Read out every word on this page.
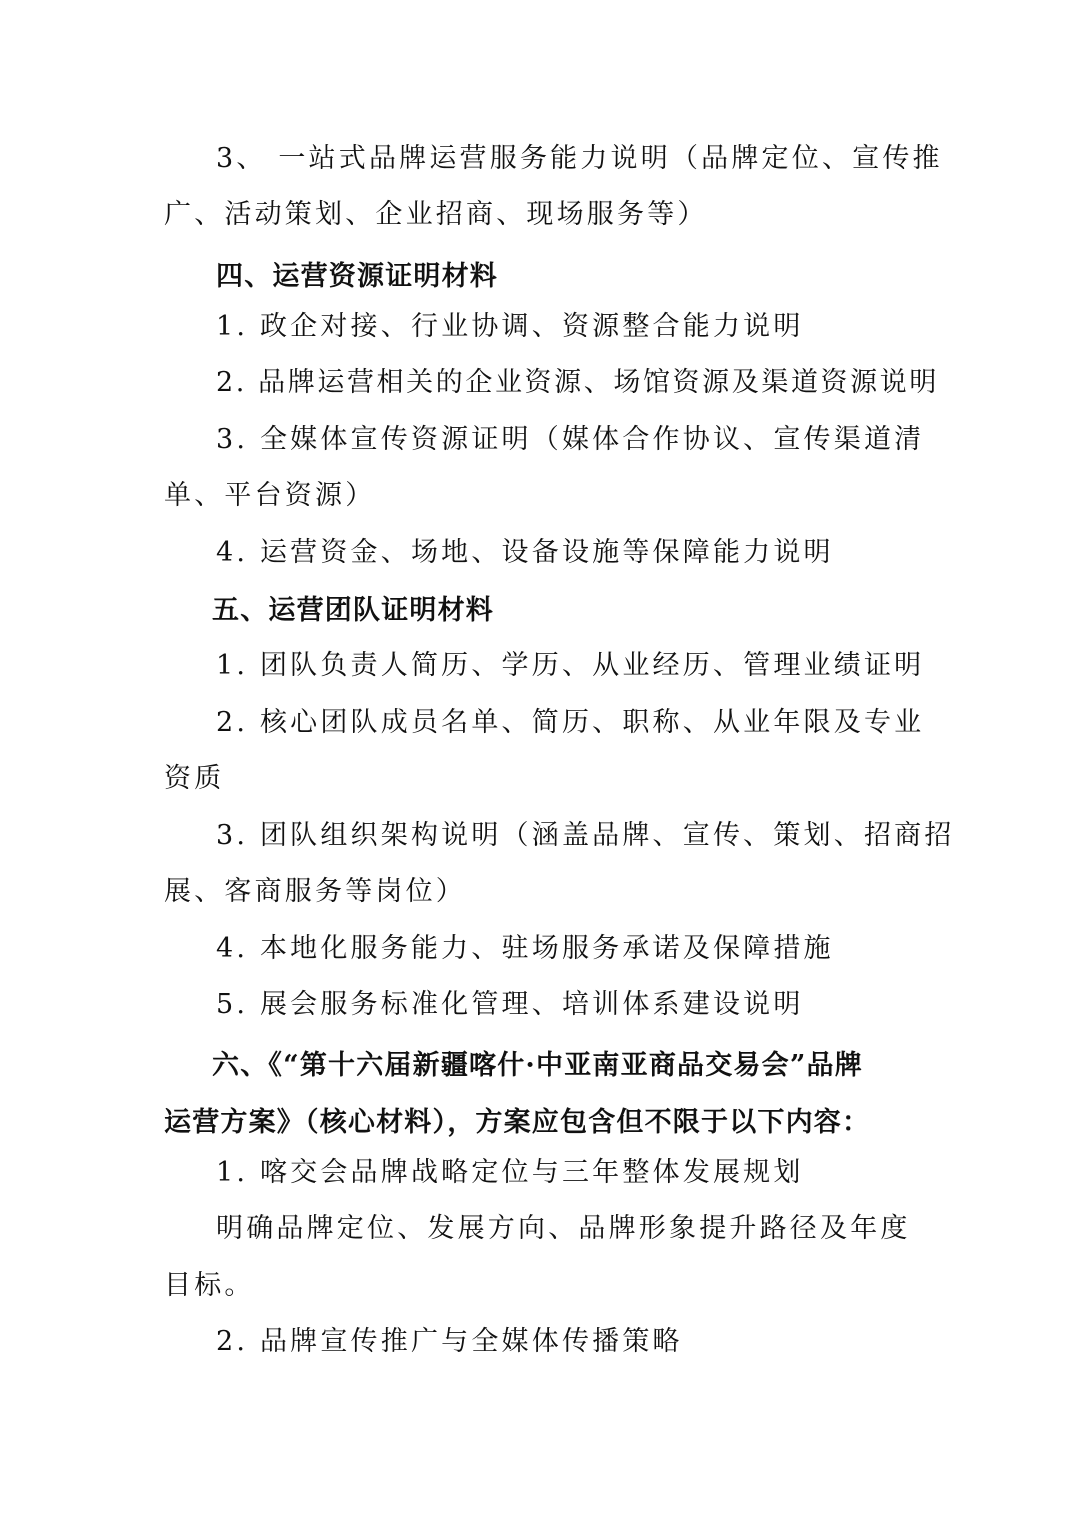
3、 一站式品牌运营服务能力说明（品牌定位、宣传推

广、活动策划、企业招商、现场服务等）

四、运营资源证明材料

1. 政企对接、行业协调、资源整合能力说明

2. 品牌运营相关的企业资源、场馆资源及渠道资源说明

3. 全媒体宣传资源证明（媒体合作协议、宣传渠道清

单、平台资源）

4. 运营资金、场地、设备设施等保障能力说明

五、运营团队证明材料

1. 团队负责人简历、学历、从业经历、管理业绩证明

2. 核心团队成员名单、简历、职称、从业年限及专业

资质

3. 团队组织架构说明（涵盖品牌、宣传、策划、招商招

展、客商服务等岗位）

4. 本地化服务能力、驻场服务承诺及保障措施

5. 展会服务标准化管理、培训体系建设说明

六、《“第十六届新疆喀什·中亚南亚商品交易会”品牌

运营方案》（核心材料），方案应包含但不限于以下内容：

1. 喀交会品牌战略定位与三年整体发展规划

明确品牌定位、发展方向、品牌形象提升路径及年度

目标。

2. 品牌宣传推广与全媒体传播策略
